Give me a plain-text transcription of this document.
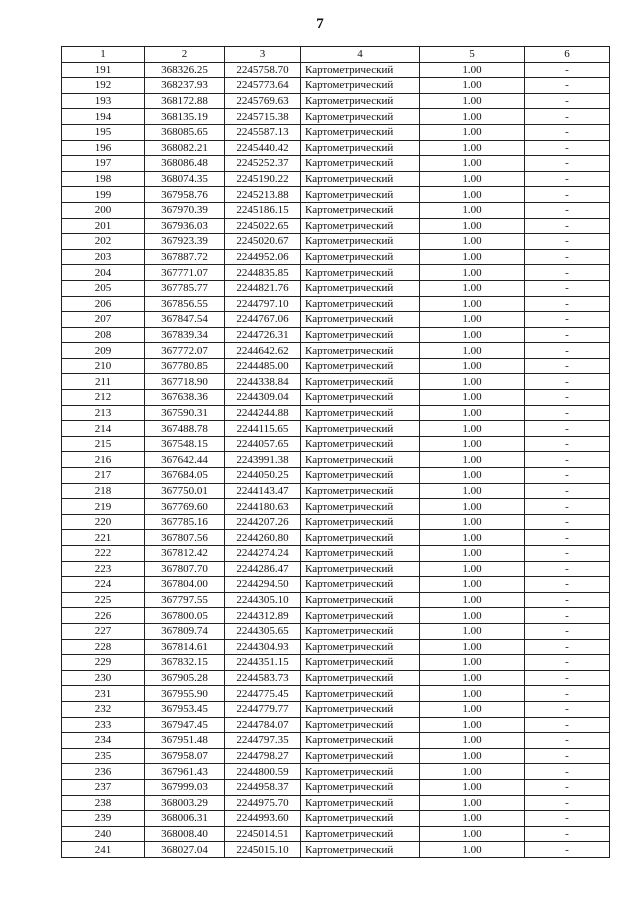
7
1	2	3	4	5	6
191	368326.25	2245758.70	Картометрический	1.00	-
192	368237.93	2245773.64	Картометрический	1.00	-
193	368172.88	2245769.63	Картометрический	1.00	-
194	368135.19	2245715.38	Картометрический	1.00	-
195	368085.65	2245587.13	Картометрический	1.00	-
196	368082.21	2245440.42	Картометрический	1.00	-
197	368086.48	2245252.37	Картометрический	1.00	-
198	368074.35	2245190.22	Картометрический	1.00	-
199	367958.76	2245213.88	Картометрический	1.00	-
200	367970.39	2245186.15	Картометрический	1.00	-
201	367936.03	2245022.65	Картометрический	1.00	-
202	367923.39	2245020.67	Картометрический	1.00	-
203	367887.72	2244952.06	Картометрический	1.00	-
204	367771.07	2244835.85	Картометрический	1.00	-
205	367785.77	2244821.76	Картометрический	1.00	-
206	367856.55	2244797.10	Картометрический	1.00	-
207	367847.54	2244767.06	Картометрический	1.00	-
208	367839.34	2244726.31	Картометрический	1.00	-
209	367772.07	2244642.62	Картометрический	1.00	-
210	367780.85	2244485.00	Картометрический	1.00	-
211	367718.90	2244338.84	Картометрический	1.00	-
212	367638.36	2244309.04	Картометрический	1.00	-
213	367590.31	2244244.88	Картометрический	1.00	-
214	367488.78	2244115.65	Картометрический	1.00	-
215	367548.15	2244057.65	Картометрический	1.00	-
216	367642.44	2243991.38	Картометрический	1.00	-
217	367684.05	2244050.25	Картометрический	1.00	-
218	367750.01	2244143.47	Картометрический	1.00	-
219	367769.60	2244180.63	Картометрический	1.00	-
220	367785.16	2244207.26	Картометрический	1.00	-
221	367807.56	2244260.80	Картометрический	1.00	-
222	367812.42	2244274.24	Картометрический	1.00	-
223	367807.70	2244286.47	Картометрический	1.00	-
224	367804.00	2244294.50	Картометрический	1.00	-
225	367797.55	2244305.10	Картометрический	1.00	-
226	367800.05	2244312.89	Картометрический	1.00	-
227	367809.74	2244305.65	Картометрический	1.00	-
228	367814.61	2244304.93	Картометрический	1.00	-
229	367832.15	2244351.15	Картометрический	1.00	-
230	367905.28	2244583.73	Картометрический	1.00	-
231	367955.90	2244775.45	Картометрический	1.00	-
232	367953.45	2244779.77	Картометрический	1.00	-
233	367947.45	2244784.07	Картометрический	1.00	-
234	367951.48	2244797.35	Картометрический	1.00	-
235	367958.07	2244798.27	Картометрический	1.00	-
236	367961.43	2244800.59	Картометрический	1.00	-
237	367999.03	2244958.37	Картометрический	1.00	-
238	368003.29	2244975.70	Картометрический	1.00	-
239	368006.31	2244993.60	Картометрический	1.00	-
240	368008.40	2245014.51	Картометрический	1.00	-
241	368027.04	2245015.10	Картометрический	1.00	-
